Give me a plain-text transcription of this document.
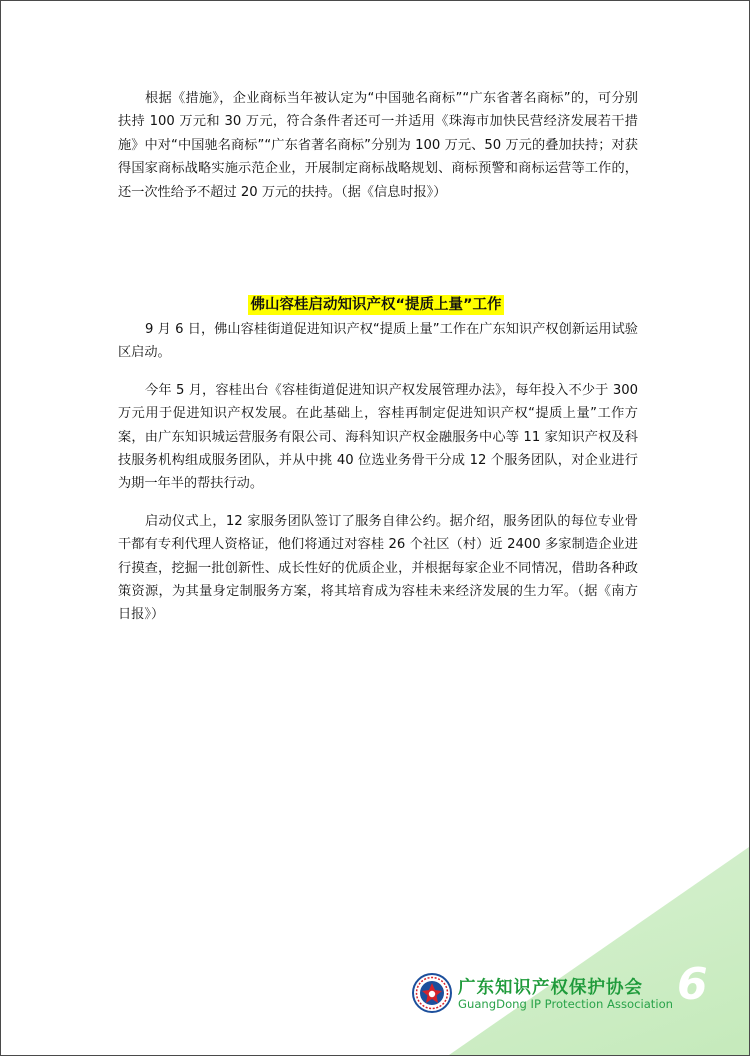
根据《措施》，企业商标当年被认定为“中国驰名商标”“广东省著名商标”的，可分别扶持 100 万元和 30 万元，符合条件者还可一并适用《珠海市加快民营经济发展若干措施》中对“中国驰名商标”“广东省著名商标”分别为 100 万元、50 万元的叠加扶持；对获得国家商标战略实施示范企业，开展制定商标战略规划、商标预警和商标运营等工作的，还一次性给予不超过 20 万元的扶持。（据《信息时报》）

佛山容桂启动知识产权“提质上量”工作

9 月 6 日，佛山容桂街道促进知识产权“提质上量”工作在广东知识产权创新运用试验区启动。

今年 5 月，容桂出台《容桂街道促进知识产权发展管理办法》，每年投入不少于 300 万元用于促进知识产权发展。在此基础上，容桂再制定促进知识产权“提质上量”工作方案，由广东知识城运营服务有限公司、海科知识产权金融服务中心等 11 家知识产权及科技服务机构组成服务团队，并从中挑 40 位选业务骨干分成 12 个服务团队，对企业进行为期一年半的帮扶行动。

启动仪式上，12 家服务团队签订了服务自律公约。据介绍，服务团队的每位专业骨干都有专利代理人资格证，他们将通过对容桂 26 个社区（村）近 2400 多家制造企业进行摸查，挖掘一批创新性、成长性好的优质企业，并根据每家企业不同情况，借助各种政策资源，为其量身定制服务方案，将其培育成为容桂未来经济发展的生力军。（据《南方日报》）

广东知识产权保护协会
GuangDong IP Protection Association 6
